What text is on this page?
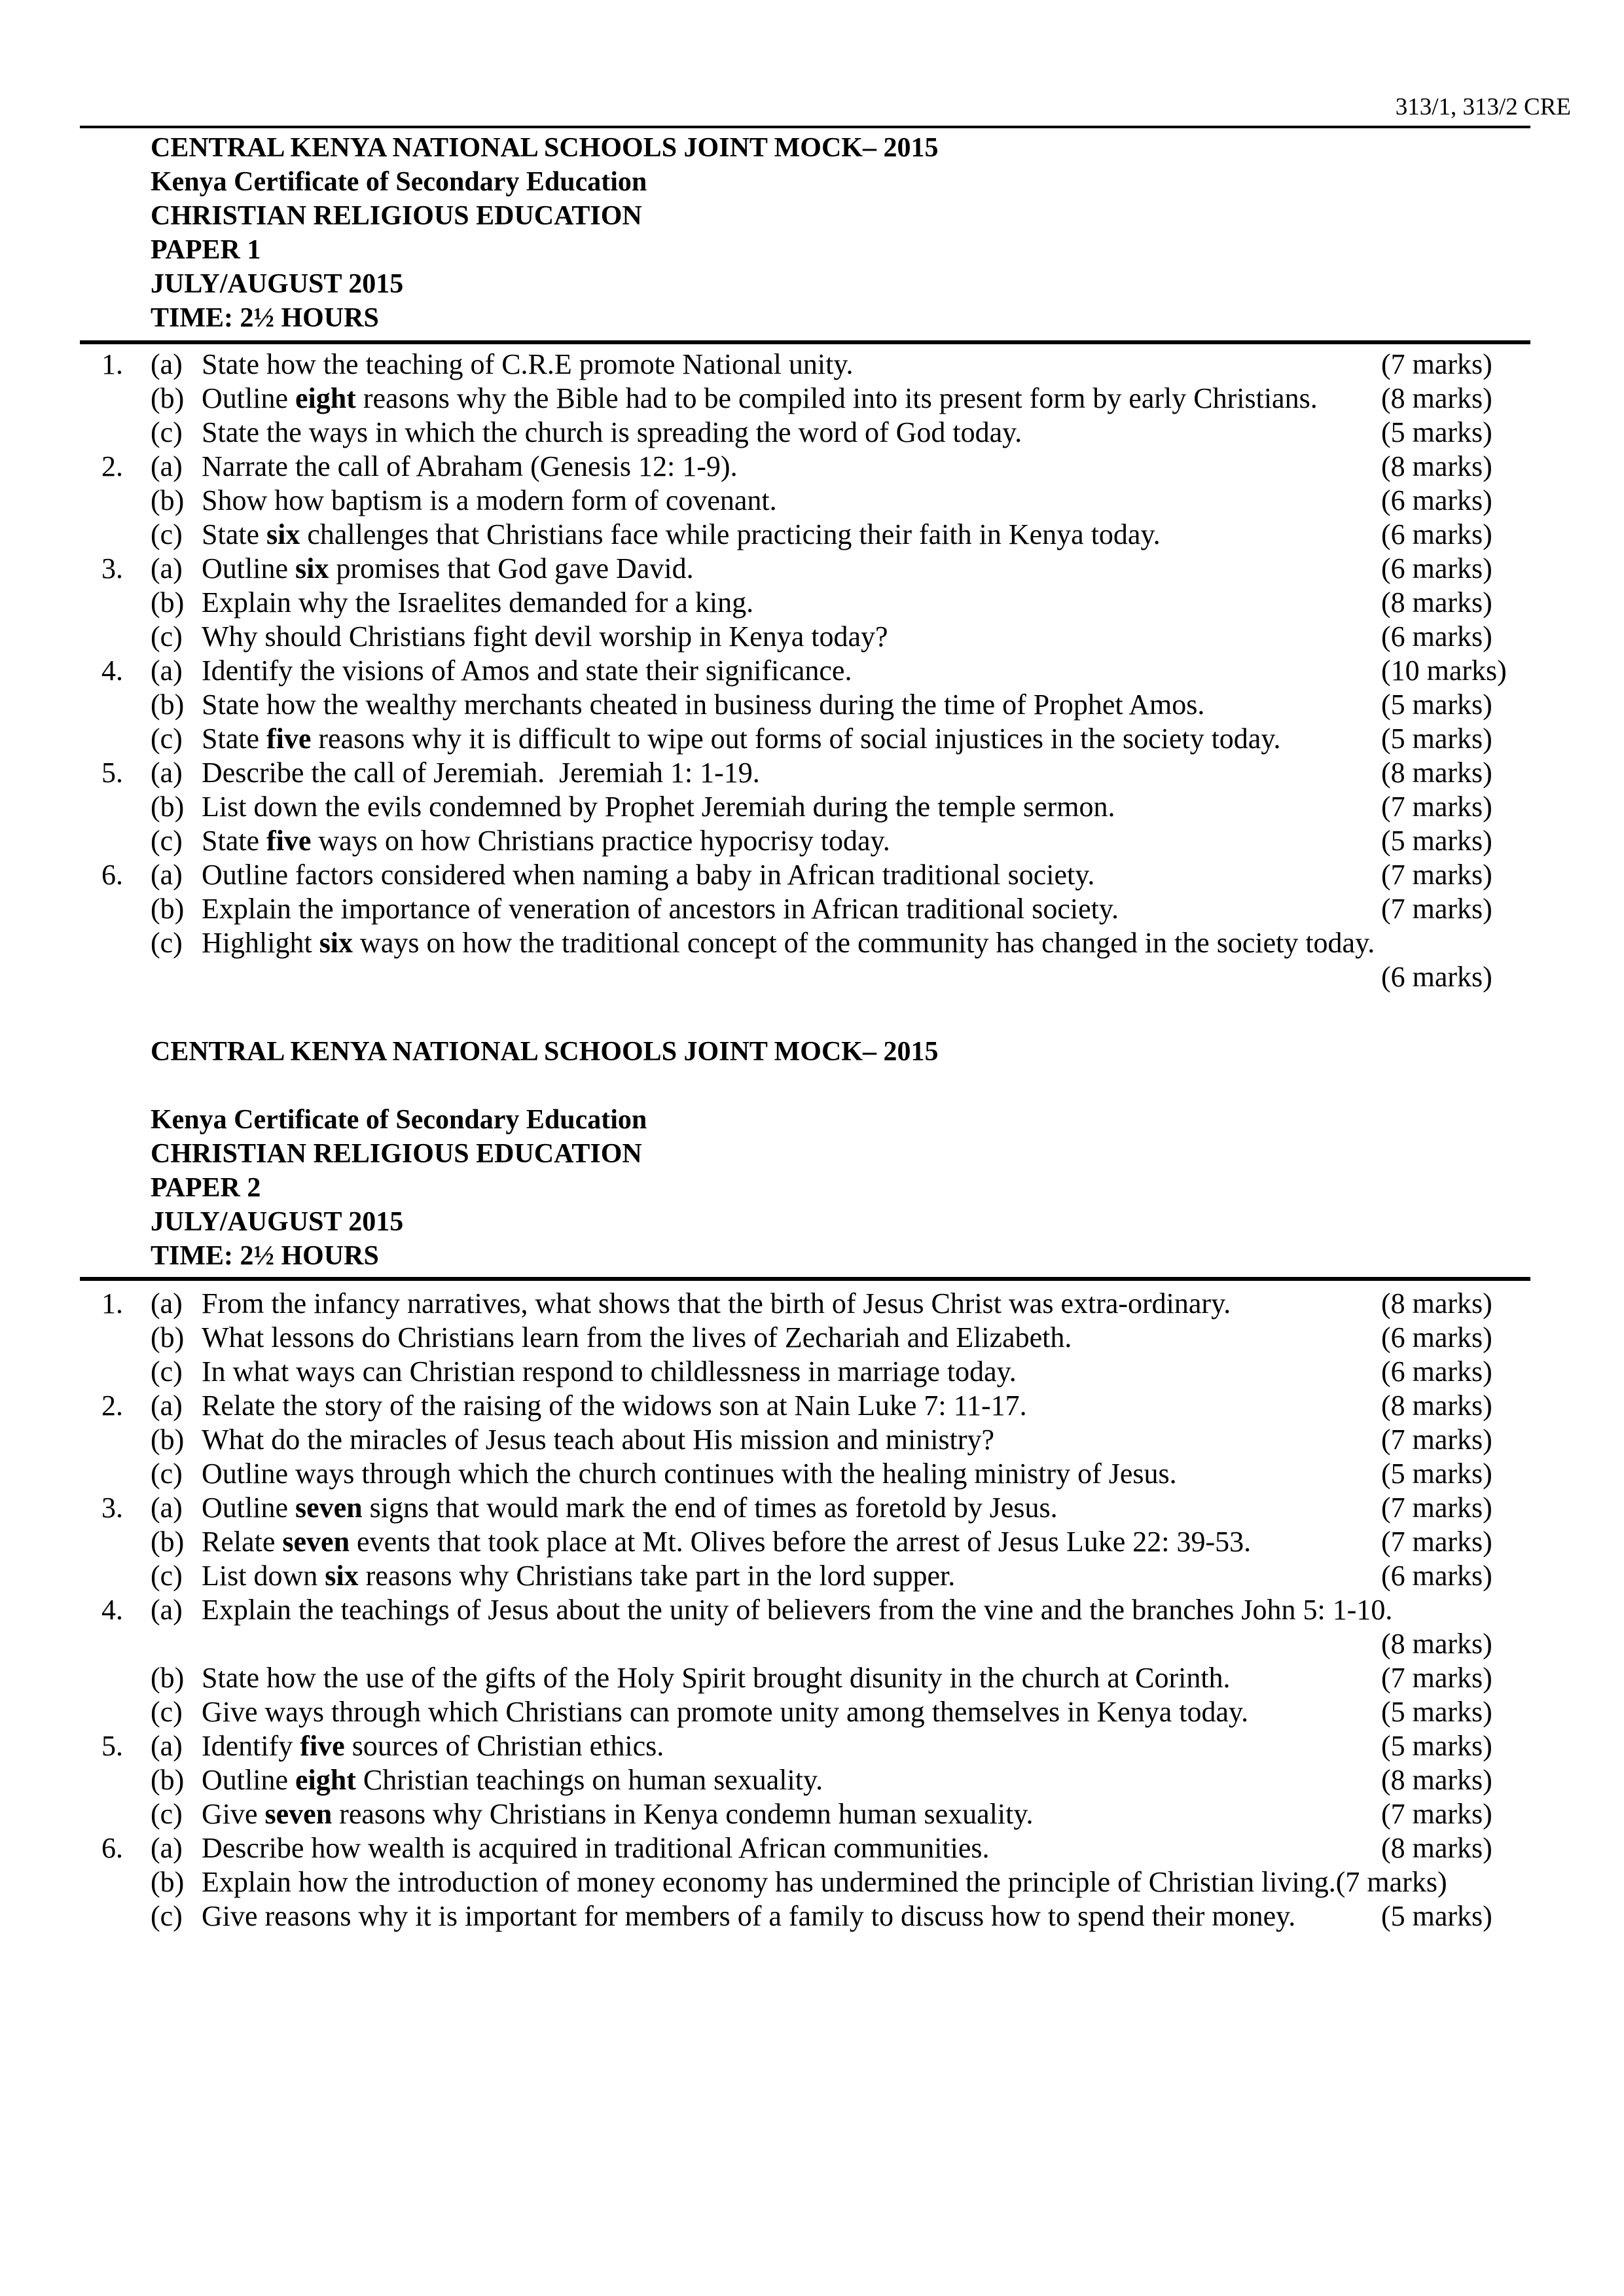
313/1, 313/2 CRE
CENTRAL KENYA NATIONAL SCHOOLS JOINT MOCK– 2015
Kenya Certificate of Secondary Education
CHRISTIAN RELIGIOUS EDUCATION
PAPER 1
JULY/AUGUST 2015
TIME: 2½ HOURS
1. (a) State how the teaching of C.R.E promote National unity.	(7 marks)
(b) Outline eight reasons why the Bible had to be compiled into its present form by early Christians.	(8 marks)
(c) State the ways in which the church is spreading the word of God today.	(5 marks)
2. (a) Narrate the call of Abraham (Genesis 12: 1-9).	(8 marks)
(b) Show how baptism is a modern form of covenant.	(6 marks)
(c) State six challenges that Christians face while practicing their faith in Kenya today.	(6 marks)
3. (a) Outline six promises that God gave David.	(6 marks)
(b) Explain why the Israelites demanded for a king.	(8 marks)
(c) Why should Christians fight devil worship in Kenya today?	(6 marks)
4. (a) Identify the visions of Amos and state their significance.	(10 marks)
(b) State how the wealthy merchants cheated in business during the time of Prophet Amos.	(5 marks)
(c) State five reasons why it is difficult to wipe out forms of social injustices in the society today.	(5 marks)
5. (a) Describe the call of Jeremiah.  Jeremiah 1: 1-19.	(8 marks)
(b) List down the evils condemned by Prophet Jeremiah during the temple sermon.	(7 marks)
(c) State five ways on how Christians practice hypocrisy today.	(5 marks)
6. (a) Outline factors considered when naming a baby in African traditional society.	(7 marks)
(b) Explain the importance of veneration of ancestors in African traditional society.	(7 marks)
(c) Highlight six ways on how the traditional concept of the community has changed in the society today.
(6 marks)
CENTRAL KENYA NATIONAL SCHOOLS JOINT MOCK– 2015
Kenya Certificate of Secondary Education
CHRISTIAN RELIGIOUS EDUCATION
PAPER 2
JULY/AUGUST 2015
TIME: 2½ HOURS
1. (a) From the infancy narratives, what shows that the birth of Jesus Christ was extra-ordinary.	(8 marks)
(b) What lessons do Christians learn from the lives of Zechariah and Elizabeth.	(6 marks)
(c) In what ways can Christian respond to childlessness in marriage today.	(6 marks)
2. (a) Relate the story of the raising of the widows son at Nain Luke 7: 11-17.	(8 marks)
(b) What do the miracles of Jesus teach about His mission and ministry?	(7 marks)
(c) Outline ways through which the church continues with the healing ministry of Jesus.	(5 marks)
3. (a) Outline seven signs that would mark the end of times as foretold by Jesus.	(7 marks)
(b) Relate seven events that took place at Mt. Olives before the arrest of Jesus Luke 22: 39-53.	(7 marks)
(c) List down six reasons why Christians take part in the lord supper.	(6 marks)
4. (a) Explain the teachings of Jesus about the unity of believers from the vine and the branches John 5: 1-10.
(8 marks)
(b) State how the use of the gifts of the Holy Spirit brought disunity in the church at Corinth.	(7 marks)
(c) Give ways through which Christians can promote unity among themselves in Kenya today.	(5 marks)
5. (a) Identify five sources of Christian ethics.	(5 marks)
(b) Outline eight Christian teachings on human sexuality.	(8 marks)
(c) Give seven reasons why Christians in Kenya condemn human sexuality.	(7 marks)
6. (a) Describe how wealth is acquired in traditional African communities.	(8 marks)
(b) Explain how the introduction of money economy has undermined the principle of Christian living. (7 marks)
(c) Give reasons why it is important for members of a family to discuss how to spend their money.	(5 marks)
